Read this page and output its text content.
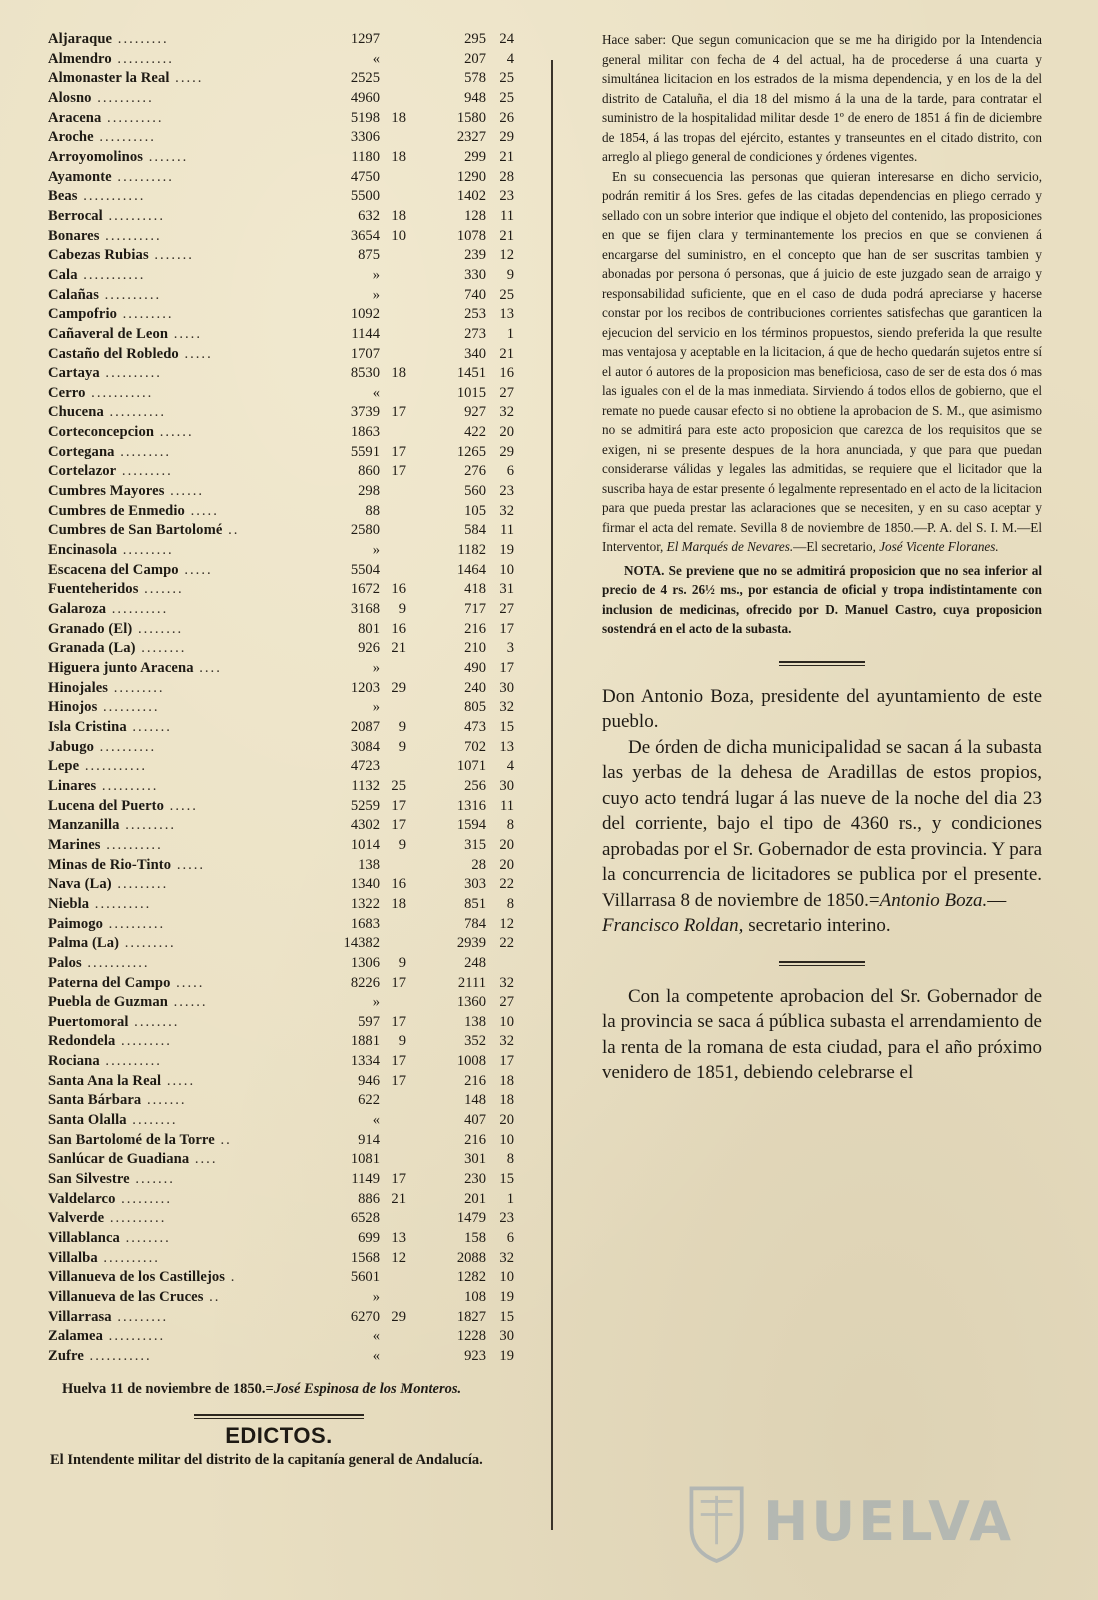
Aljaraque .........	1297		295	24
Almendro ..........	«		207	4
Almonaster la Real .....	2525		578	25
Alosno ..........	4960		948	25
Aracena ..........	5198	18	1580	26
Aroche ..........	3306		2327	29
Arroyomolinos .......	1180	18	299	21
Ayamonte ..........	4750		1290	28
Beas ...........	5500		1402	23
Berrocal ..........	632	18	128	11
Bonares ..........	3654	10	1078	21
Cabezas Rubias .......	875		239	12
Cala ...........	»		330	9
Calañas ..........	»		740	25
Campofrio .........	1092		253	13
Cañaveral de Leon .....	1144		273	1
Castaño del Robledo .....	1707		340	21
Cartaya ..........	8530	18	1451	16
Cerro ...........	«		1015	27
Chucena ..........	3739	17	927	32
Corteconcepcion ......	1863		422	20
Cortegana .........	5591	17	1265	29
Cortelazor .........	860	17	276	6
Cumbres Mayores ......	298		560	23
Cumbres de Enmedio .....	88		105	32
Cumbres de San Bartolomé ..	2580		584	11
Encinasola .........	»		1182	19
Escacena del Campo .....	5504		1464	10
Fuenteheridos .......	1672	16	418	31
Galaroza ..........	3168	9	717	27
Granado (El) ........	801	16	216	17
Granada (La) ........	926	21	210	3
Higuera junto Aracena ....	»		490	17
Hinojales .........	1203	29	240	30
Hinojos ..........	»		805	32
Isla Cristina .......	2087	9	473	15
Jabugo ..........	3084	9	702	13
Lepe ...........	4723		1071	4
Linares ..........	1132	25	256	30
Lucena del Puerto .....	5259	17	1316	11
Manzanilla .........	4302	17	1594	8
Marines ..........	1014	9	315	20
Minas de Rio-Tinto .....	138		28	20
Nava (La) .........	1340	16	303	22
Niebla ..........	1322	18	851	8
Paimogo ..........	1683		784	12
Palma (La) .........	14382		2939	22
Palos ...........	1306	9	248	
Paterna del Campo .....	8226	17	2111	32
Puebla de Guzman ......	»		1360	27
Puertomoral ........	597	17	138	10
Redondela .........	1881	9	352	32
Rociana ..........	1334	17	1008	17
Santa Ana la Real .....	946	17	216	18
Santa Bárbara .......	622		148	18
Santa Olalla ........	«		407	20
San Bartolomé de la Torre ..	914		216	10
Sanlúcar de Guadiana ....	1081		301	8
San Silvestre .......	1149	17	230	15
Valdelarco .........	886	21	201	1
Valverde ..........	6528		1479	23
Villablanca ........	699	13	158	6
Villalba ..........	1568	12	2088	32
Villanueva de los Castillejos .	5601		1282	10
Villanueva de las Cruces ..	»		108	19
Villarrasa .........	6270	29	1827	15
Zalamea ..........	«		1228	30
Zufre ...........	«		923	19

Huelva 11 de noviembre de 1850.=José Espinosa de los Monteros.

EDICTOS.
El Intendente militar del distrito de la capitanía general de Andalucía.

Hace saber: Que segun comunicacion que se me ha dirigido por la Intendencia general militar con fecha de 4 del actual, ha de procederse á una cuarta y simultánea licitacion en los estrados de la misma dependencia, y en los de la del distrito de Cataluña, el dia 18 del mismo á la una de la tarde, para contratar el suministro de la hospitalidad militar desde 1º de enero de 1851 á fin de diciembre de 1854, á las tropas del ejército, estantes y transeuntes en el citado distrito, con arreglo al pliego general de condiciones y órdenes vigentes.

En su consecuencia las personas que quieran interesarse en dicho servicio, podrán remitir á los Sres. gefes de las citadas dependencias en pliego cerrado y sellado con un sobre interior que indique el objeto del contenido, las proposiciones en que se fijen clara y terminantemente los precios en que se convienen á encargarse del suministro, en el concepto que han de ser suscritas tambien y abonadas por persona ó personas, que á juicio de este juzgado sean de arraigo y responsabilidad suficiente, que en el caso de duda podrá apreciarse y hacerse constar por los recibos de contribuciones corrientes satisfechas que garanticen la ejecucion del servicio en los términos propuestos, siendo preferida la que resulte mas ventajosa y aceptable en la licitacion, á que de hecho quedarán sujetos entre sí el autor ó autores de la proposicion mas beneficiosa, caso de ser de esta dos ó mas las iguales con el de la mas inmediata. Sirviendo á todos ellos de gobierno, que el remate no puede causar efecto si no obtiene la aprobacion de S. M., que asimismo no se admitirá para este acto proposicion que carezca de los requisitos que se exigen, ni se presente despues de la hora anunciada, y que para que puedan considerarse válidas y legales las admitidas, se requiere que el licitador que la suscriba haya de estar presente ó legalmente representado en el acto de la licitacion para que pueda prestar las aclaraciones que se necesiten, y en su caso aceptar y firmar el acta del remate. Sevilla 8 de noviembre de 1850.—P. A. del S. I. M.—El Interventor, El Marqués de Nevares.—El secretario, José Vicente Floranes.

NOTA. Se previene que no se admitirá proposicion que no sea inferior al precio de 4 rs. 26½ ms., por estancia de oficial y tropa indistintamente con inclusion de medicinas, ofrecido por D. Manuel Castro, cuya proposicion sostendrá en el acto de la subasta.

Don Antonio Boza, presidente del ayuntamiento de este pueblo.

De órden de dicha municipalidad se sacan á la subasta las yerbas de la dehesa de Aradillas de estos propios, cuyo acto tendrá lugar á las nueve de la noche del dia 23 del corriente, bajo el tipo de 4360 rs., y condiciones aprobadas por el Sr. Gobernador de esta provincia. Y para la concurrencia de licitadores se publica por el presente. Villarrasa 8 de noviembre de 1850.=Antonio Boza.—
Francisco Roldan, secretario interino.

Con la competente aprobacion del Sr. Gobernador de la provincia se saca á pública subasta el arrendamiento de la renta de la romana de esta ciudad, para el año próximo venidero de 1851, debiendo celebrarse el

HUELVA
